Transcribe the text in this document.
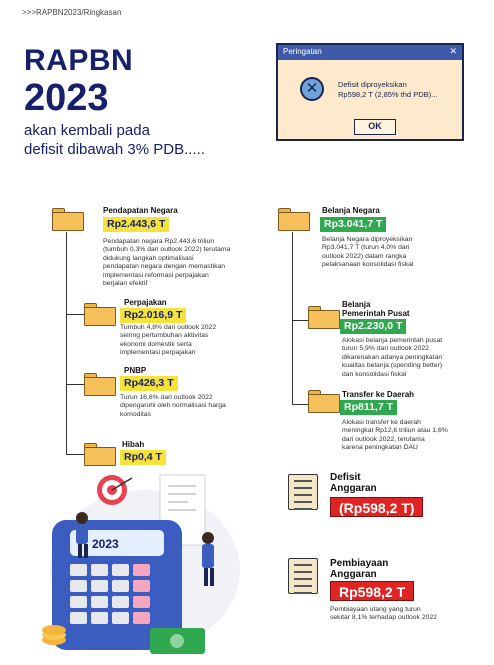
>>>RAPBN2023/Ringkasan
RAPBN
2023
akan kembali pada
defisit dibawah 3% PDB.....
Peringatan	✕
✕	Defisit diproyeksikan
Rp598,2 T (2,85% thd PDB)...
OK
Pendapatan Negara
Rp2.443,6 T
Pendapatan negara Rp2.443,6 triliun
(tumbuh 0,3% dari outlook 2022) terutama
didukung langkah optimalisasi
pendapatan negara dengan memastikan
implementasi reformasi perpajakan
berjalan efektif
Perpajakan
Rp2.016,9 T
Tumbuh 4,8% dari outlook 2022
seiring pertumbuhan aktivitas
ekonomi domestik serta
implementasi perpajakan
PNBP
Rp426,3 T
Turun 16,6% dari outlook 2022
dipengaruhi oleh normalisasi harga
komoditas
Hibah
Rp0,4 T
Belanja Negara
Rp3.041,7 T
Belanja Negara diproyeksikan
Rp3.041,7 T (turun 4,0% dari
outlook 2022) dalam rangka
pelaksanaan konsolidasi fiskal
Belanja
Pemerintah Pusat
Rp2.230,0 T
Alokasi belanja pemerintah pusat
turun 5,9% dari outlook 2022
dikarenakan adanya peningkatan
kualitas belanja (spending better)
dan konsolidasi fiskal
Transfer ke Daerah
Rp811,7 T
Alokasi transfer ke daerah
meningkat Rp12,6 triliun atau 1,6%
dari outlook 2022, terutama
karena peningkatan DAU
Defisit
Anggaran
(Rp598,2 T)
Pembiayaan
Anggaran
Rp598,2 T
Pembiayaan utang yang turun
sekitar 8,1% terhadap outlook 2022
2023
